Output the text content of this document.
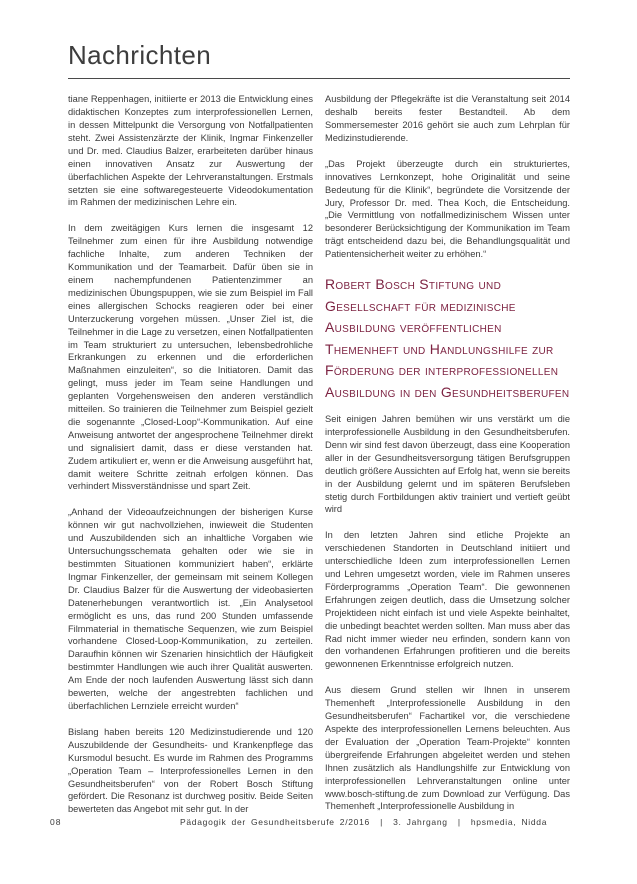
Nachrichten

tiane Reppenhagen, initiierte er 2013 die Entwicklung eines didaktischen Konzeptes zum interprofessionellen Lernen, in dessen Mittelpunkt die Versorgung von Notfallpatienten steht. Zwei Assistenzärzte der Klinik, Ingmar Finkenzeller und Dr. med. Claudius Balzer, erarbeiteten darüber hinaus einen innovativen Ansatz zur Auswertung der überfachlichen Aspekte der Lehrveranstaltungen. Erstmals setzten sie eine softwaregesteuerte Videodokumentation im Rahmen der medizinischen Lehre ein.

In dem zweitägigen Kurs lernen die insgesamt 12 Teilnehmer zum einen für ihre Ausbildung notwendige fachliche Inhalte, zum anderen Techniken der Kommunikation und der Teamarbeit. Dafür üben sie in einem nachempfundenen Patientenzimmer an medizinischen Übungspuppen, wie sie zum Beispiel im Fall eines allergischen Schocks reagieren oder bei einer Unterzuckerung vorgehen müssen. „Unser Ziel ist, die Teilnehmer in die Lage zu versetzen, einen Notfallpatienten im Team strukturiert zu untersuchen, lebensbedrohliche Erkrankungen zu erkennen und die erforderlichen Maßnahmen einzuleiten“, so die Initiatoren. Damit das gelingt, muss jeder im Team seine Handlungen und geplanten Vorgehensweisen den anderen verständlich mitteilen. So trainieren die Teilnehmer zum Beispiel gezielt die sogenannte „Closed-Loop“-Kommunikation. Auf eine Anweisung antwortet der angesprochene Teilnehmer direkt und signalisiert damit, dass er diese verstanden hat. Zudem artikuliert er, wenn er die Anweisung ausgeführt hat, damit weitere Schritte zeitnah erfolgen können. Das verhindert Missverständnisse und spart Zeit.

„Anhand der Videoaufzeichnungen der bisherigen Kurse können wir gut nachvollziehen, inwieweit die Studenten und Auszubildenden sich an inhaltliche Vorgaben wie Untersuchungsschemata gehalten oder wie sie in bestimmten Situationen kommuniziert haben“, erklärte Ingmar Finkenzeller, der gemeinsam mit seinem Kollegen Dr. Claudius Balzer für die Auswertung der videobasierten Datenerhebungen verantwortlich ist. „Ein Analysetool ermöglicht es uns, das rund 200 Stunden umfassende Filmmaterial in thematische Sequenzen, wie zum Beispiel vorhandene Closed-Loop-Kommunikation, zu zerteilen. Daraufhin können wir Szenarien hinsichtlich der Häufigkeit bestimmter Handlungen wie auch ihrer Qualität auswerten. Am Ende der noch laufenden Auswertung lässt sich dann bewerten, welche der angestrebten fachlichen und überfachlichen Lernziele erreicht wurden“

Bislang haben bereits 120 Medizinstudierende und 120 Auszubildende der Gesundheits- und Krankenpflege das Kursmodul besucht. Es wurde im Rahmen des Programms „Operation Team – Interprofessionelles Lernen in den Gesundheitsberufen“ von der Robert Bosch Stiftung gefördert. Die Resonanz ist durchweg positiv. Beide Seiten bewerteten das Angebot mit sehr gut. In der

Ausbildung der Pflegekräfte ist die Veranstaltung seit 2014 deshalb bereits fester Bestandteil. Ab dem Sommersemester 2016 gehört sie auch zum Lehrplan für Medizinstudierende.

„Das Projekt überzeugte durch ein strukturiertes, innovatives Lernkonzept, hohe Originalität und seine Bedeutung für die Klinik“, begründete die Vorsitzende der Jury, Professor Dr. med. Thea Koch, die Entscheidung. „Die Vermittlung von notfallmedizinischem Wissen unter besonderer Berücksichtigung der Kommunikation im Team trägt entscheidend dazu bei, die Behandlungsqualität und Patientensicherheit weiter zu erhöhen.“

Robert Bosch Stiftung und Gesellschaft für medizinische Ausbildung veröffentlichen Themenheft und Handlungshilfe zur Förderung der interprofessionellen Ausbildung in den Gesundheitsberufen

Seit einigen Jahren bemühen wir uns verstärkt um die interprofessionelle Ausbildung in den Gesundheitsberufen. Denn wir sind fest davon überzeugt, dass eine Kooperation aller in der Gesundheitsversorgung tätigen Berufsgruppen deutlich größere Aussichten auf Erfolg hat, wenn sie bereits in der Ausbildung gelernt und im späteren Berufsleben stetig durch Fortbildungen aktiv trainiert und vertieft geübt wird

In den letzten Jahren sind etliche Projekte an verschiedenen Standorten in Deutschland initiiert und unterschiedliche Ideen zum interprofessionellen Lernen und Lehren umgesetzt worden, viele im Rahmen unseres Förderprogramms „Operation Team“. Die gewonnenen Erfahrungen zeigen deutlich, dass die Umsetzung solcher Projektideen nicht einfach ist und viele Aspekte beinhaltet, die unbedingt beachtet werden sollten. Man muss aber das Rad nicht immer wieder neu erfinden, sondern kann von den vorhandenen Erfahrungen profitieren und die bereits gewonnenen Erkenntnisse erfolgreich nutzen.

Aus diesem Grund stellen wir Ihnen in unserem Themenheft „Interprofessionelle Ausbildung in den Gesundheitsberufen“ Fachartikel vor, die verschiedene Aspekte des interprofessionellen Lernens beleuchten. Aus der Evaluation der „Operation Team-Projekte“ konnten übergreifende Erfahrungen abgeleitet werden und stehen Ihnen zusätzlich als Handlungshilfe zur Entwicklung von interprofessionellen Lehrveranstaltungen online unter www.bosch-stiftung.de zum Download zur Verfügung. Das Themenheft „Interprofessionelle Ausbildung in

08	Pädagogik der Gesundheitsberufe 2/2016  |  3. Jahrgang  |  hpsmedia, Nidda
